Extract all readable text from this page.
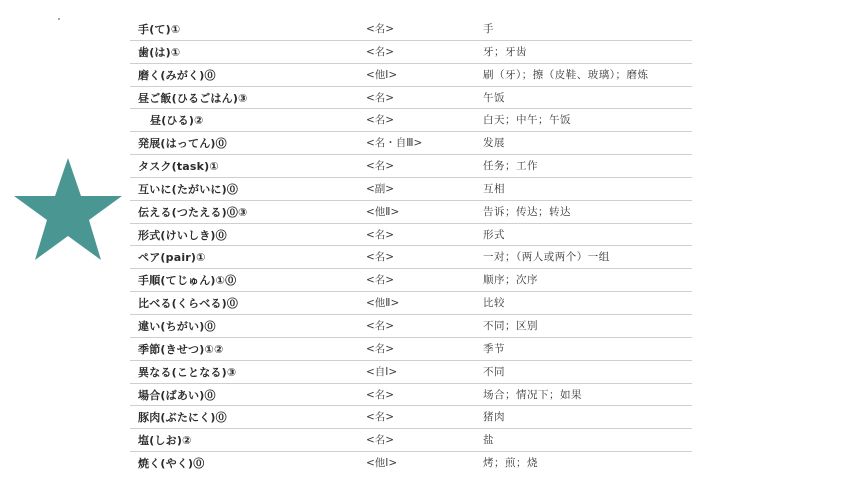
手(て)①	<名>	手
歯(は)①	<名>	牙；牙齿
磨く(みがく)⓪	<他Ⅰ>	刷（牙）；擦（皮鞋、玻璃）；磨炼
昼ご飯(ひるごはん)③	<名>	午饭
昼(ひる)②	<名>	白天；中午；午饭
発展(はってん)⓪	<名・自Ⅲ>	发展
タスク(task)①	<名>	任务；工作
互いに(たがいに)⓪	<副>	互相
伝える(つたえる)⓪③	<他Ⅱ>	告诉；传达；转达
形式(けいしき)⓪	<名>	形式
ペア(pair)①	<名>	一对；（两人或两个）一组
手順(てじゅん)①⓪	<名>	顺序；次序
比べる(くらべる)⓪	<他Ⅱ>	比较
違い(ちがい)⓪	<名>	不同；区别
季節(きせつ)①②	<名>	季节
異なる(ことなる)③	<自Ⅰ>	不同
場合(ばあい)⓪	<名>	场合；情况下；如果
豚肉(ぶたにく)⓪	<名>	猪肉
塩(しお)②	<名>	盐
焼く(やく)⓪	<他Ⅰ>	烤；煎；烧
